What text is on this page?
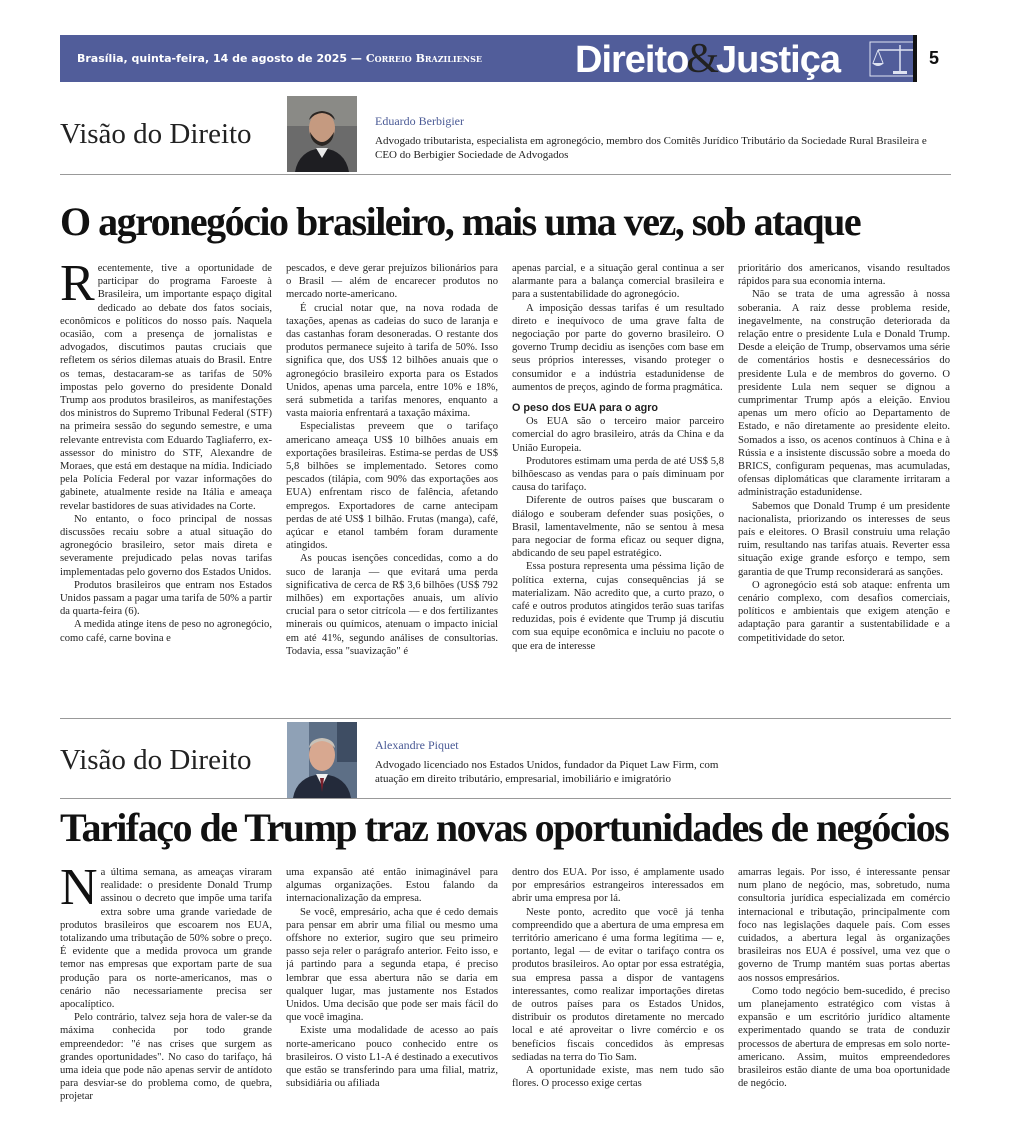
Brasília, quinta-feira, 14 de agosto de 2025 — Correio Braziliense Direito&Justiça	5
Visão do Direito	Eduardo Berbigier
Advogado tributarista, especialista em agronegócio, membro dos Comitês Jurídico Tributário da Sociedade Rural Brasileira e CEO do Berbigier Sociedade de Advogados
O agronegócio brasileiro, mais uma vez, sob ataque

Recentemente, tive a oportunidade de participar do programa Faroeste à Brasileira, um importante espaço digital dedicado ao debate dos fatos sociais, econômicos e políticos do nosso país. Naquela ocasião, com a presença de jornalistas e advogados, discutimos pautas cruciais que refletem os sérios dilemas atuais do Brasil. Entre os temas, destacaram-se as tarifas de 50% impostas pelo governo do presidente Donald Trump aos produtos brasileiros, as manifestações dos ministros do Supremo Tribunal Federal (STF) na primeira sessão do segundo semestre, e uma relevante entrevista com Eduardo Tagliaferro, ex-assessor do ministro do STF, Alexandre de Moraes, que está em destaque na mídia. Indiciado pela Polícia Federal por vazar informações do gabinete, atualmente reside na Itália e ameaça revelar bastidores de suas atividades na Corte.

No entanto, o foco principal de nossas discussões recaiu sobre a atual situação do agronegócio brasileiro, setor mais direta e severamente prejudicado pelas novas tarifas implementadas pelo governo dos Estados Unidos.

Produtos brasileiros que entram nos Estados Unidos passam a pagar uma tarifa de 50% a partir da quarta-feira (6).

A medida atinge itens de peso no agronegócio, como café, carne bovina e

pescados, e deve gerar prejuízos bilionários para o Brasil — além de encarecer produtos no mercado norte-americano.

É crucial notar que, na nova rodada de taxações, apenas as cadeias do suco de laranja e das castanhas foram desoneradas. O restante dos produtos permanece sujeito à tarifa de 50%. Isso significa que, dos US$ 12 bilhões anuais que o agronegócio brasileiro exporta para os Estados Unidos, apenas uma parcela, entre 10% e 18%, será submetida a tarifas menores, enquanto a vasta maioria enfrentará a taxação máxima.

Especialistas preveem que o tarifaço americano ameaça US$ 10 bilhões anuais em exportações brasileiras. Estima-se perdas de US$ 5,8 bilhões se implementado. Setores como pescados (tilápia, com 90% das exportações aos EUA) enfrentam risco de falência, afetando empregos. Exportadores de carne antecipam perdas de até US$ 1 bilhão. Frutas (manga), café, açúcar e etanol também foram duramente atingidos.

As poucas isenções concedidas, como a do suco de laranja — que evitará uma perda significativa de cerca de R$ 3,6 bilhões (US$ 792 milhões) em exportações anuais, um alívio crucial para o setor citrícola — e dos fertilizantes minerais ou químicos, atenuam o impacto inicial em até 41%, segundo análises de consultorias. Todavia, essa "suavização" é

apenas parcial, e a situação geral continua a ser alarmante para a balança comercial brasileira e para a sustentabilidade do agronegócio.

A imposição dessas tarifas é um resultado direto e inequívoco de uma grave falta de negociação por parte do governo brasileiro. O governo Trump decidiu as isenções com base em seus próprios interesses, visando proteger o consumidor e a indústria estadunidense de aumentos de preços, agindo de forma pragmática.

O peso dos EUA para o agro

Os EUA são o terceiro maior parceiro comercial do agro brasileiro, atrás da China e da União Europeia.

Produtores estimam uma perda de até US$ 5,8 bilhõescaso as vendas para o país diminuam por causa do tarifaço.

Diferente de outros países que buscaram o diálogo e souberam defender suas posições, o Brasil, lamentavelmente, não se sentou à mesa para negociar de forma eficaz ou sequer digna, abdicando de seu papel estratégico.

Essa postura representa uma péssima lição de política externa, cujas consequências já se materializam. Não acredito que, a curto prazo, o café e outros produtos atingidos terão suas tarifas reduzidas, pois é evidente que Trump já discutiu com sua equipe econômica e incluiu no pacote o que era de interesse

prioritário dos americanos, visando resultados rápidos para sua economia interna.

Não se trata de uma agressão à nossa soberania. A raiz desse problema reside, inegavelmente, na construção deteriorada da relação entre o presidente Lula e Donald Trump. Desde a eleição de Trump, observamos uma série de comentários hostis e desnecessários do presidente Lula e de membros do governo. O presidente Lula nem sequer se dignou a cumprimentar Trump após a eleição. Enviou apenas um mero ofício ao Departamento de Estado, e não diretamente ao presidente eleito. Somados a isso, os acenos contínuos à China e à Rússia e a insistente discussão sobre a moeda do BRICS, configuram pequenas, mas acumuladas, ofensas diplomáticas que claramente irritaram a administração estadunidense.

Sabemos que Donald Trump é um presidente nacionalista, priorizando os interesses de seus país e eleitores. O Brasil construiu uma relação ruim, resultando nas tarifas atuais. Reverter essa situação exige grande esforço e tempo, sem garantia de que Trump reconsiderará as sanções.

O agronegócio está sob ataque: enfrenta um cenário complexo, com desafios comerciais, políticos e ambientais que exigem atenção e adaptação para garantir a sustentabilidade e a competitividade do setor.

Visão do Direito	Alexandre Piquet
Advogado licenciado nos Estados Unidos, fundador da Piquet Law Firm, com atuação em direito tributário, empresarial, imobiliário e imigratório
Tarifaço de Trump traz novas oportunidades de negócios

Na última semana, as ameaças viraram realidade: o presidente Donald Trump assinou o decreto que impõe uma tarifa extra sobre uma grande variedade de produtos brasileiros que escoarem nos EUA, totalizando uma tributação de 50% sobre o preço. É evidente que a medida provoca um grande temor nas empresas que exportam parte de sua produção para os norte-americanos, mas o cenário não necessariamente precisa ser apocalíptico.

Pelo contrário, talvez seja hora de valer-se da máxima conhecida por todo grande empreendedor: "é nas crises que surgem as grandes oportunidades". No caso do tarifaço, há uma ideia que pode não apenas servir de antídoto para desviar-se do problema como, de quebra, projetar

uma expansão até então inimaginável para algumas organizações. Estou falando da internacionalização da empresa.

Se você, empresário, acha que é cedo demais para pensar em abrir uma filial ou mesmo uma offshore no exterior, sugiro que seu primeiro passo seja reler o parágrafo anterior. Feito isso, e já partindo para a segunda etapa, é preciso lembrar que essa abertura não se daria em qualquer lugar, mas justamente nos Estados Unidos. Uma decisão que pode ser mais fácil do que você imagina.

Existe uma modalidade de acesso ao país norte-americano pouco conhecido entre os brasileiros. O visto L1-A é destinado a executivos que estão se transferindo para uma filial, matriz, subsidiária ou afiliada

dentro dos EUA. Por isso, é amplamente usado por empresários estrangeiros interessados em abrir uma empresa por lá.

Neste ponto, acredito que você já tenha compreendido que a abertura de uma empresa em território americano é uma forma legítima — e, portanto, legal — de evitar o tarifaço contra os produtos brasileiros. Ao optar por essa estratégia, sua empresa passa a dispor de vantagens interessantes, como realizar importações diretas de outros países para os Estados Unidos, distribuir os produtos diretamente no mercado local e até aproveitar o livre comércio e os benefícios fiscais concedidos às empresas sediadas na terra do Tio Sam.

A oportunidade existe, mas nem tudo são flores. O processo exige certas

amarras legais. Por isso, é interessante pensar num plano de negócio, mas, sobretudo, numa consultoria jurídica especializada em comércio internacional e tributação, principalmente com foco nas legislações daquele país. Com esses cuidados, a abertura legal às organizações brasileiras nos EUA é possível, uma vez que o governo de Trump mantém suas portas abertas aos nossos empresários.

Como todo negócio bem-sucedido, é preciso um planejamento estratégico com vistas à expansão e um escritório jurídico altamente experimentado quando se trata de conduzir processos de abertura de empresas em solo norte-americano. Assim, muitos empreendedores brasileiros estão diante de uma boa oportunidade de negócio.
